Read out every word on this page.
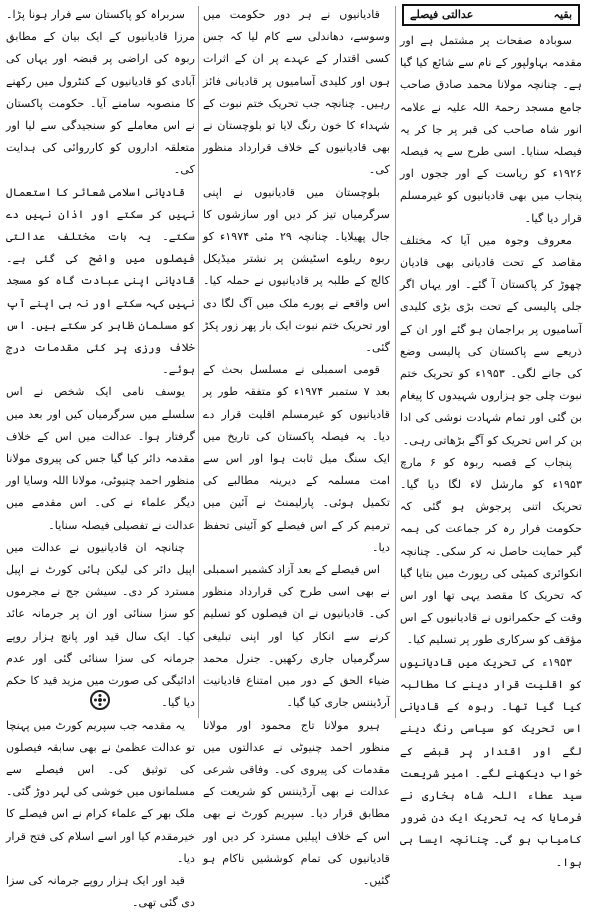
بقیہ
عدالتی فیصلے

سوبادہ صفحات پر مشتمل ہے اور مقدمہ بہاولپور کے نام سے شائع کیا گیا ہے۔ چنانچہ مولانا محمد صادق صاحب جامع مسجد رحمۃ اللہ علیہ نے علامہ انور شاہ صاحب کی قبر پر جا کر یہ فیصلہ سنایا۔ اسی طرح سے یہ فیصلہ ۱۹۲۶ء کو ریاست کے اور ججوں اور پنجاب میں بھی قادیانیوں کو غیرمسلم قرار دیا گیا۔

معروف وجوہ میں آیا کہ مختلف مقاصد کے تحت قادیانی بھی قادیان چھوڑ کر پاکستان آ گئے۔ اور یہاں اگر جلی پالیسی کے تحت بڑی بڑی کلیدی آسامیوں پر براجمان ہو گئے اور ان کے ذریعے سے پاکستان کی پالیسی وضع کی جانے لگی۔ ۱۹۵۳ء کو تحریک ختم نبوت چلی جو ہزاروں شہیدوں کا پیغام بن گئی اور تمام شہادت نوشی کی ادا بن کر اس تحریک کو آگے بڑھاتی رہی۔

پنجاب کے قصبہ ربوہ کو ۶ مارچ ۱۹۵۳ء کو مارشل لاء لگا دیا گیا۔ تحریک اتنی پرجوش ہو گئی کہ حکومت فرار رہ کر جماعت کی ہمہ گیر حمایت حاصل نہ کر سکی۔ چنانچہ انکوائری کمیٹی کی رپورٹ میں بتایا گیا کہ تحریک کا مقصد یہی تھا اور اس وقت کے حکمرانوں نے قادیانیوں کے اس مؤقف کو سرکاری طور پر تسلیم کیا۔

۱۹۵۳ء کی تحریک میں قادیانیوں کو اقلیت قرار دینے کا مطالبہ کیا گیا تھا۔ ربوہ کے قادیانی اس تحریک کو سیاسی رنگ دینے لگے اور اقتدار پر قبضے کے خواب دیکھنے لگے۔ امیر شریعت سید عطاء اللہ شاہ بخاری نے فرمایا کہ یہ تحریک ایک دن ضرور کامیاب ہو گی۔ چنانچہ ایسا ہی ہوا۔

قادیانیوں نے ہر دور حکومت میں وسوسے، دھاندلی سے کام لیا کہ جس کسی اقتدار کے عہدے پر ان کے اثرات ہوں اور کلیدی آسامیوں پر قادیانی فائز رہیں۔ چنانچہ جب تحریک ختم نبوت کے شہداء کا خون رنگ لایا تو بلوچستان نے بھی قادیانیوں کے خلاف قرارداد منظور کی۔

بلوچستان میں قادیانیوں نے اپنی سرگرمیاں تیز کر دیں اور سازشوں کا جال پھیلایا۔ چنانچہ ۲۹ مئی ۱۹۷۴ء کو ربوہ ریلوے اسٹیشن پر نشتر میڈیکل کالج کے طلبہ پر قادیانیوں نے حملہ کیا۔ اس واقعے نے پورے ملک میں آگ لگا دی اور تحریک ختم نبوت ایک بار پھر زور پکڑ گئی۔

قومی اسمبلی نے مسلسل بحث کے بعد ۷ ستمبر ۱۹۷۴ء کو متفقہ طور پر قادیانیوں کو غیرمسلم اقلیت قرار دے دیا۔ یہ فیصلہ پاکستان کی تاریخ میں ایک سنگ میل ثابت ہوا اور اس سے امت مسلمہ کے دیرینہ مطالبے کی تکمیل ہوئی۔ پارلیمنٹ نے آئین میں ترمیم کر کے اس فیصلے کو آئینی تحفظ دیا۔

اس فیصلے کے بعد آزاد کشمیر اسمبلی نے بھی اسی طرح کی قرارداد منظور کی۔ قادیانیوں نے ان فیصلوں کو تسلیم کرنے سے انکار کیا اور اپنی تبلیغی سرگرمیاں جاری رکھیں۔ جنرل محمد ضیاء الحق کے دور میں امتناع قادیانیت آرڈیننس جاری کیا گیا۔

ہیرو مولانا تاج محمود اور مولانا منظور احمد چنیوٹی نے عدالتوں میں مقدمات کی پیروی کی۔ وفاقی شرعی عدالت نے بھی آرڈیننس کو شریعت کے مطابق قرار دیا۔ سپریم کورٹ نے بھی اس کے خلاف اپیلیں مسترد کر دیں اور قادیانیوں کی تمام کوششیں ناکام ہو گئیں۔

سربراہ کو پاکستان سے فرار ہونا پڑا۔ مرزا قادیانیوں کے ایک بیان کے مطابق ربوہ کی اراضی پر قبضہ اور یہاں کی آبادی کو قادیانیوں کے کنٹرول میں رکھنے کا منصوبہ سامنے آیا۔ حکومت پاکستان نے اس معاملے کو سنجیدگی سے لیا اور متعلقہ اداروں کو کارروائی کی ہدایت کی۔

قادیانی اسلامی شعائر کا استعمال نہیں کر سکتے اور اذان نہیں دے سکتے۔ یہ بات مختلف عدالتی فیصلوں میں واضح کی گئی ہے۔ قادیانی اپنی عبادت گاہ کو مسجد نہیں کہہ سکتے اور نہ ہی اپنے آپ کو مسلمان ظاہر کر سکتے ہیں۔ اس خلاف ورزی پر کئی مقدمات درج ہوئے۔

یوسف نامی ایک شخص نے اس سلسلے میں سرگرمیاں کیں اور بعد میں گرفتار ہوا۔ عدالت میں اس کے خلاف مقدمہ دائر کیا گیا جس کی پیروی مولانا منظور احمد چنیوٹی، مولانا اللہ وسایا اور دیگر علماء نے کی۔ اس مقدمے میں عدالت نے تفصیلی فیصلہ سنایا۔

چنانچہ ان قادیانیوں نے عدالت میں اپیل دائر کی لیکن ہائی کورٹ نے اپیل مسترد کر دی۔ سیشن جج نے مجرموں کو سزا سنائی اور ان پر جرمانہ عائد کیا۔ ایک سال قید اور پانچ ہزار روپے جرمانہ کی سزا سنائی گئی اور عدم ادائیگی کی صورت میں مزید قید کا حکم دیا گیا۔

یہ مقدمہ جب سپریم کورٹ میں پہنچا تو عدالت عظمیٰ نے بھی سابقہ فیصلوں کی توثیق کی۔ اس فیصلے سے مسلمانوں میں خوشی کی لہر دوڑ گئی۔ ملک بھر کے علماء کرام نے اس فیصلے کا خیرمقدم کیا اور اسے اسلام کی فتح قرار دیا۔

قید اور ایک ہزار روپے جرمانہ کی سزا دی گئی تھی۔
